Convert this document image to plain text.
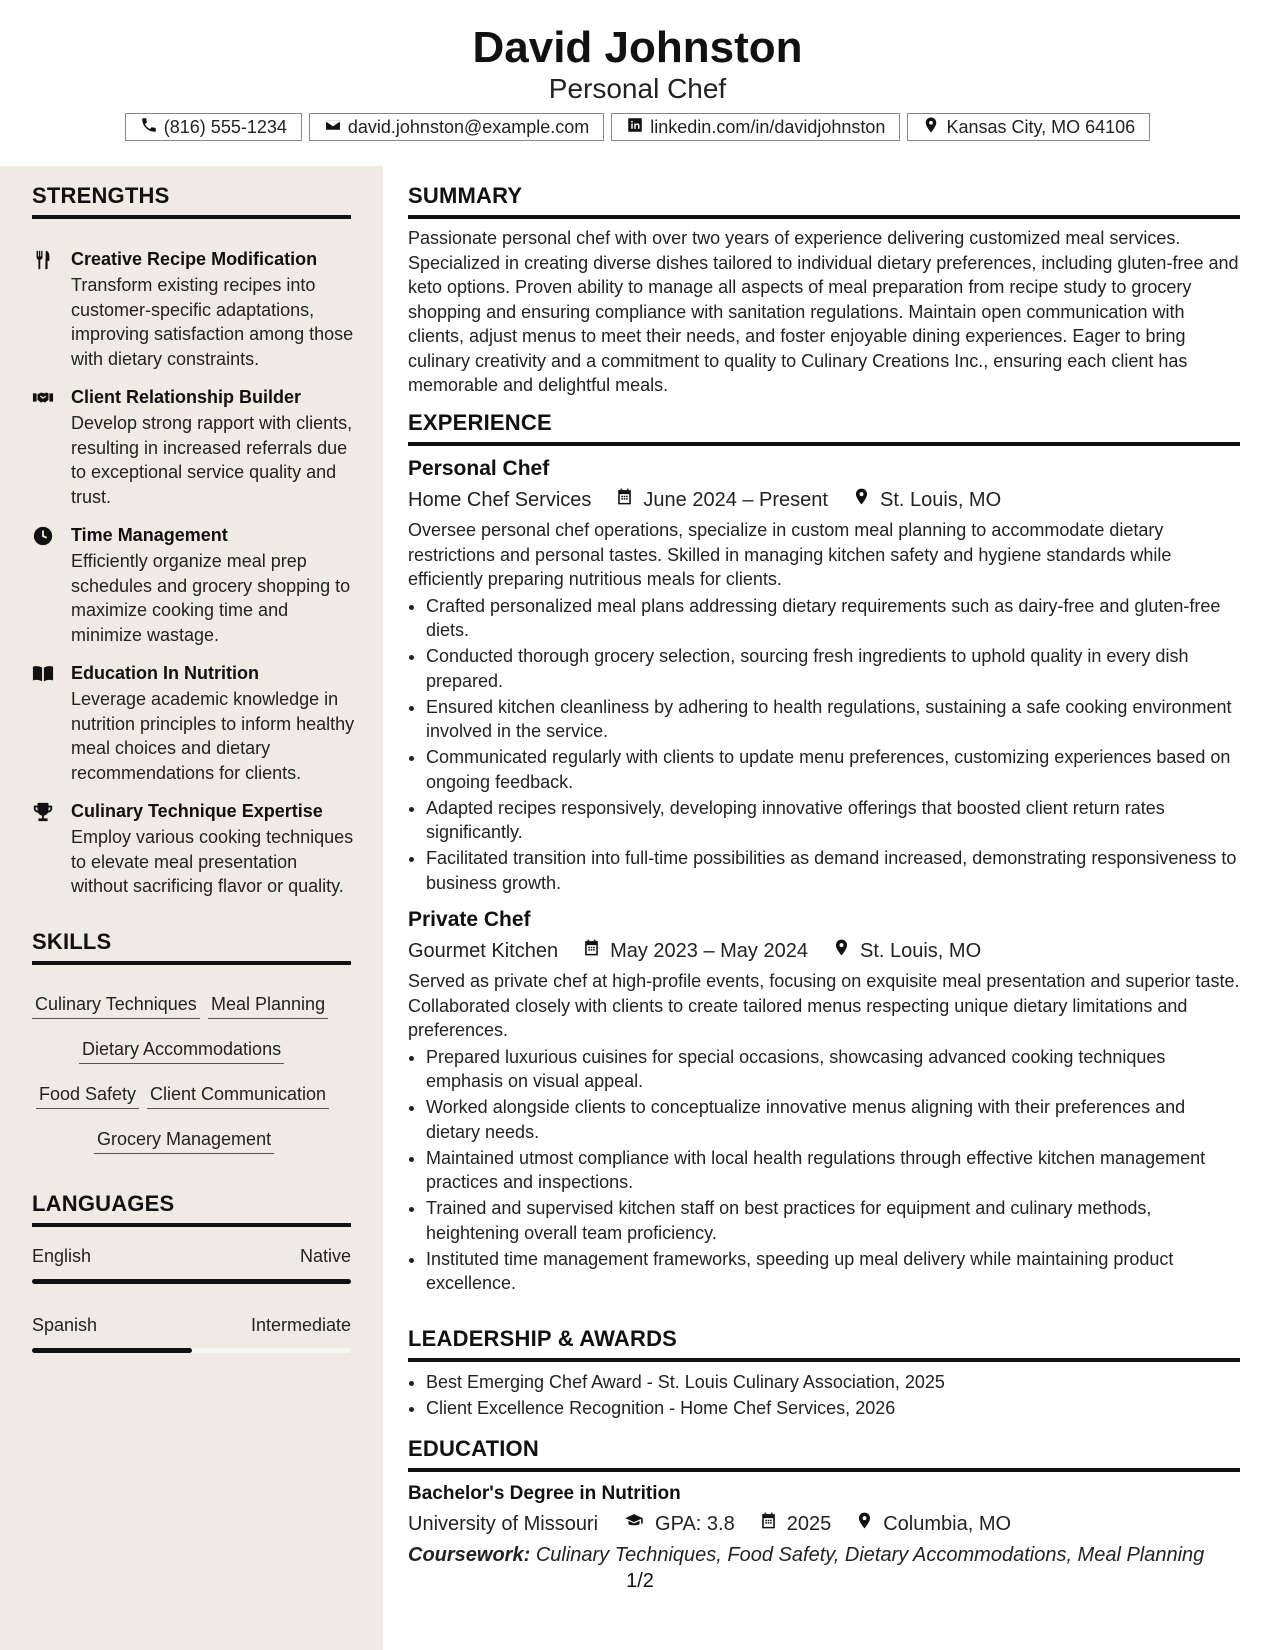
David Johnston
Personal Chef
(816) 555-1234	david.johnston@example.com	linkedin.com/in/davidjohnston	Kansas City, MO 64106
STRENGTHS
Creative Recipe Modification
Transform existing recipes into customer-specific adaptations, improving satisfaction among those with dietary constraints.
Client Relationship Builder
Develop strong rapport with clients, resulting in increased referrals due to exceptional service quality and trust.
Time Management
Efficiently organize meal prep schedules and grocery shopping to maximize cooking time and minimize wastage.
Education In Nutrition
Leverage academic knowledge in nutrition principles to inform healthy meal choices and dietary recommendations for clients.
Culinary Technique Expertise
Employ various cooking techniques to elevate meal presentation without sacrificing flavor or quality.
SKILLS
Culinary Techniques Meal Planning
Dietary Accommodations
Food Safety Client Communication
Grocery Management
LANGUAGES
English	Native
Spanish	Intermediate
SUMMARY
Passionate personal chef with over two years of experience delivering customized meal services. Specialized in creating diverse dishes tailored to individual dietary preferences, including gluten-free and keto options. Proven ability to manage all aspects of meal preparation from recipe study to grocery shopping and ensuring compliance with sanitation regulations. Maintain open communication with clients, adjust menus to meet their needs, and foster enjoyable dining experiences. Eager to bring culinary creativity and a commitment to quality to Culinary Creations Inc., ensuring each client has memorable and delightful meals.
EXPERIENCE
Personal Chef
Home Chef Services	June 2024 – Present	St. Louis, MO
Oversee personal chef operations, specialize in custom meal planning to accommodate dietary restrictions and personal tastes. Skilled in managing kitchen safety and hygiene standards while efficiently preparing nutritious meals for clients.
• Crafted personalized meal plans addressing dietary requirements such as dairy-free and gluten-free diets.
• Conducted thorough grocery selection, sourcing fresh ingredients to uphold quality in every dish prepared.
• Ensured kitchen cleanliness by adhering to health regulations, sustaining a safe cooking environment involved in the service.
• Communicated regularly with clients to update menu preferences, customizing experiences based on ongoing feedback.
• Adapted recipes responsively, developing innovative offerings that boosted client return rates significantly.
• Facilitated transition into full-time possibilities as demand increased, demonstrating responsiveness to business growth.
Private Chef
Gourmet Kitchen	May 2023 – May 2024	St. Louis, MO
Served as private chef at high-profile events, focusing on exquisite meal presentation and superior taste. Collaborated closely with clients to create tailored menus respecting unique dietary limitations and preferences.
• Prepared luxurious cuisines for special occasions, showcasing advanced cooking techniques emphasis on visual appeal.
• Worked alongside clients to conceptualize innovative menus aligning with their preferences and dietary needs.
• Maintained utmost compliance with local health regulations through effective kitchen management practices and inspections.
• Trained and supervised kitchen staff on best practices for equipment and culinary methods, heightening overall team proficiency.
• Instituted time management frameworks, speeding up meal delivery while maintaining product excellence.
LEADERSHIP & AWARDS
• Best Emerging Chef Award - St. Louis Culinary Association, 2025
• Client Excellence Recognition - Home Chef Services, 2026
EDUCATION
Bachelor's Degree in Nutrition
University of Missouri	GPA: 3.8	2025	Columbia, MO
Coursework: Culinary Techniques, Food Safety, Dietary Accommodations, Meal Planning
1/2
